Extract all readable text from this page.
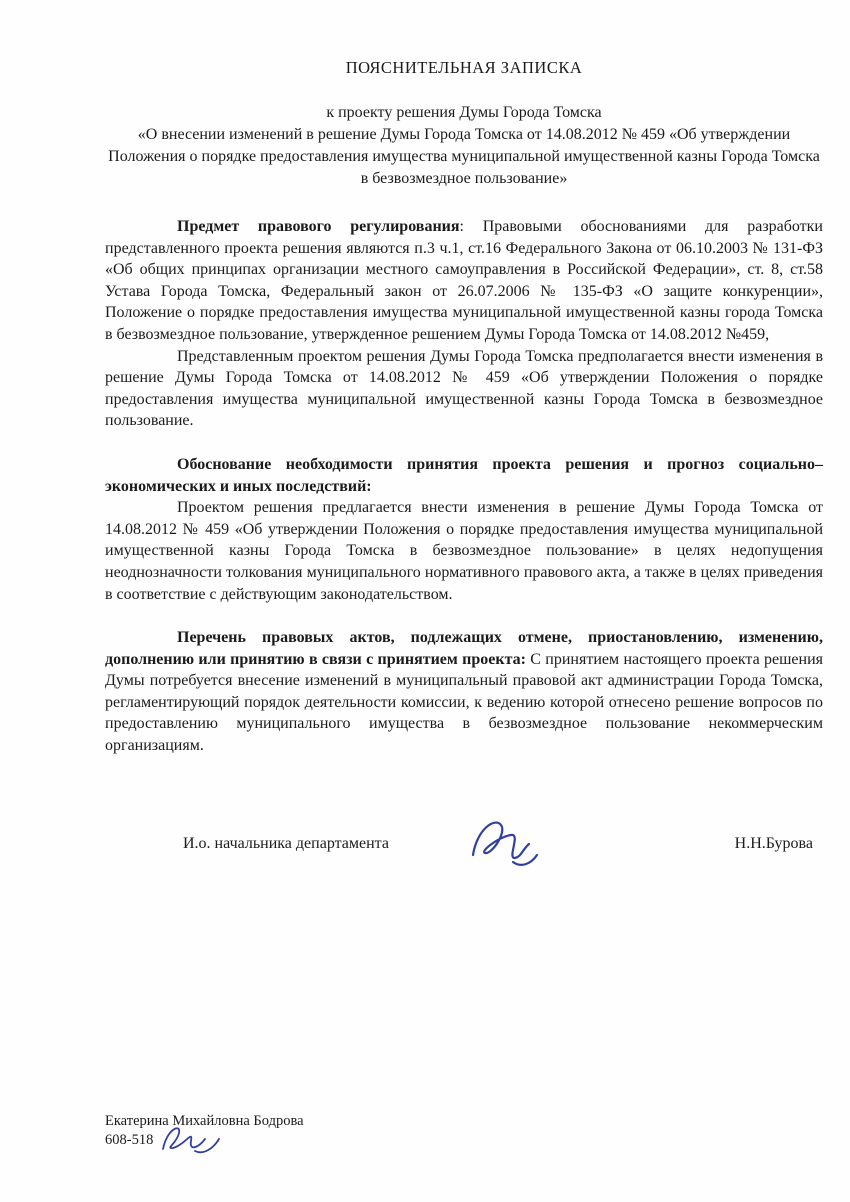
ПОЯСНИТЕЛЬНАЯ ЗАПИСКА
к проекту решения Думы Города Томска
«О внесении изменений в решение Думы Города Томска от 14.08.2012 № 459 «Об утверждении Положения о порядке предоставления имущества муниципальной имущественной казны Города Томска в безвозмездное пользование»

Предмет правового регулирования: Правовыми обоснованиями для разработки представленного проекта решения являются п.3 ч.1, ст.16 Федерального Закона от 06.10.2003 № 131-ФЗ «Об общих принципах организации местного самоуправления в Российской Федерации», ст. 8, ст.58 Устава Города Томска, Федеральный закон от 26.07.2006 № 135-ФЗ «О защите конкуренции», Положение о порядке предоставления имущества муниципальной имущественной казны города Томска в безвозмездное пользование, утвержденное решением Думы Города Томска от 14.08.2012 №459,

Представленным проектом решения Думы Города Томска предполагается внести изменения в решение Думы Города Томска от 14.08.2012 № 459 «Об утверждении Положения о порядке предоставления имущества муниципальной имущественной казны Города Томска в безвозмездное пользование.

Обоснование необходимости принятия проекта решения и прогноз социально–экономических и иных последствий:

Проектом решения предлагается внести изменения в решение Думы Города Томска от 14.08.2012 № 459 «Об утверждении Положения о порядке предоставления имущества муниципальной имущественной казны Города Томска в безвозмездное пользование» в целях недопущения неоднозначности толкования муниципального нормативного правового акта, а также в целях приведения в соответствие с действующим законодательством.

Перечень правовых актов, подлежащих отмене, приостановлению, изменению, дополнению или принятию в связи с принятием проекта: С принятием настоящего проекта решения Думы потребуется внесение изменений в муниципальный правовой акт администрации Города Томска, регламентирующий порядок деятельности комиссии, к ведению которой отнесено решение вопросов по предоставлению муниципального имущества в безвозмездное пользование некоммерческим организациям.

И.о. начальника департамента	Н.Н.Бурова
Екатерина Михайловна Бодрова
608-518
